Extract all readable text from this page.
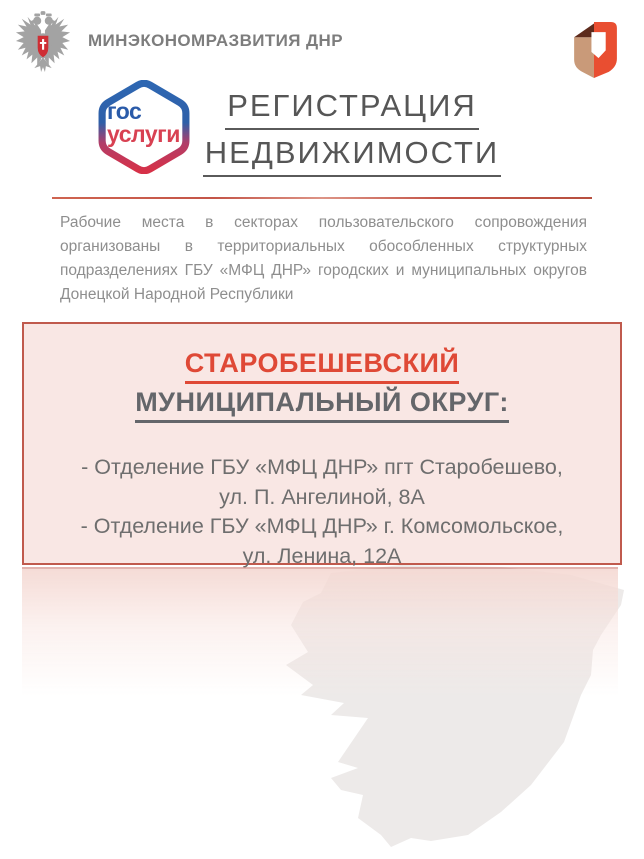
МИНЭКОНОМРАЗВИТИЯ ДНР
гос
услуги
РЕГИСТРАЦИЯ
НЕДВИЖИМОСТИ
Рабочие места в секторах пользовательского сопровождения
организованы в территориальных обособленных структурных
подразделениях ГБУ «МФЦ ДНР» городских и муниципальных округов
Донецкой Народной Республики
СТАРОБЕШЕВСКИЙ
МУНИЦИПАЛЬНЫЙ ОКРУГ:
- Отделение ГБУ «МФЦ ДНР» пгт Старобешево,
ул. П. Ангелиной, 8А
- Отделение ГБУ «МФЦ ДНР» г. Комсомольское,
ул. Ленина, 12А
